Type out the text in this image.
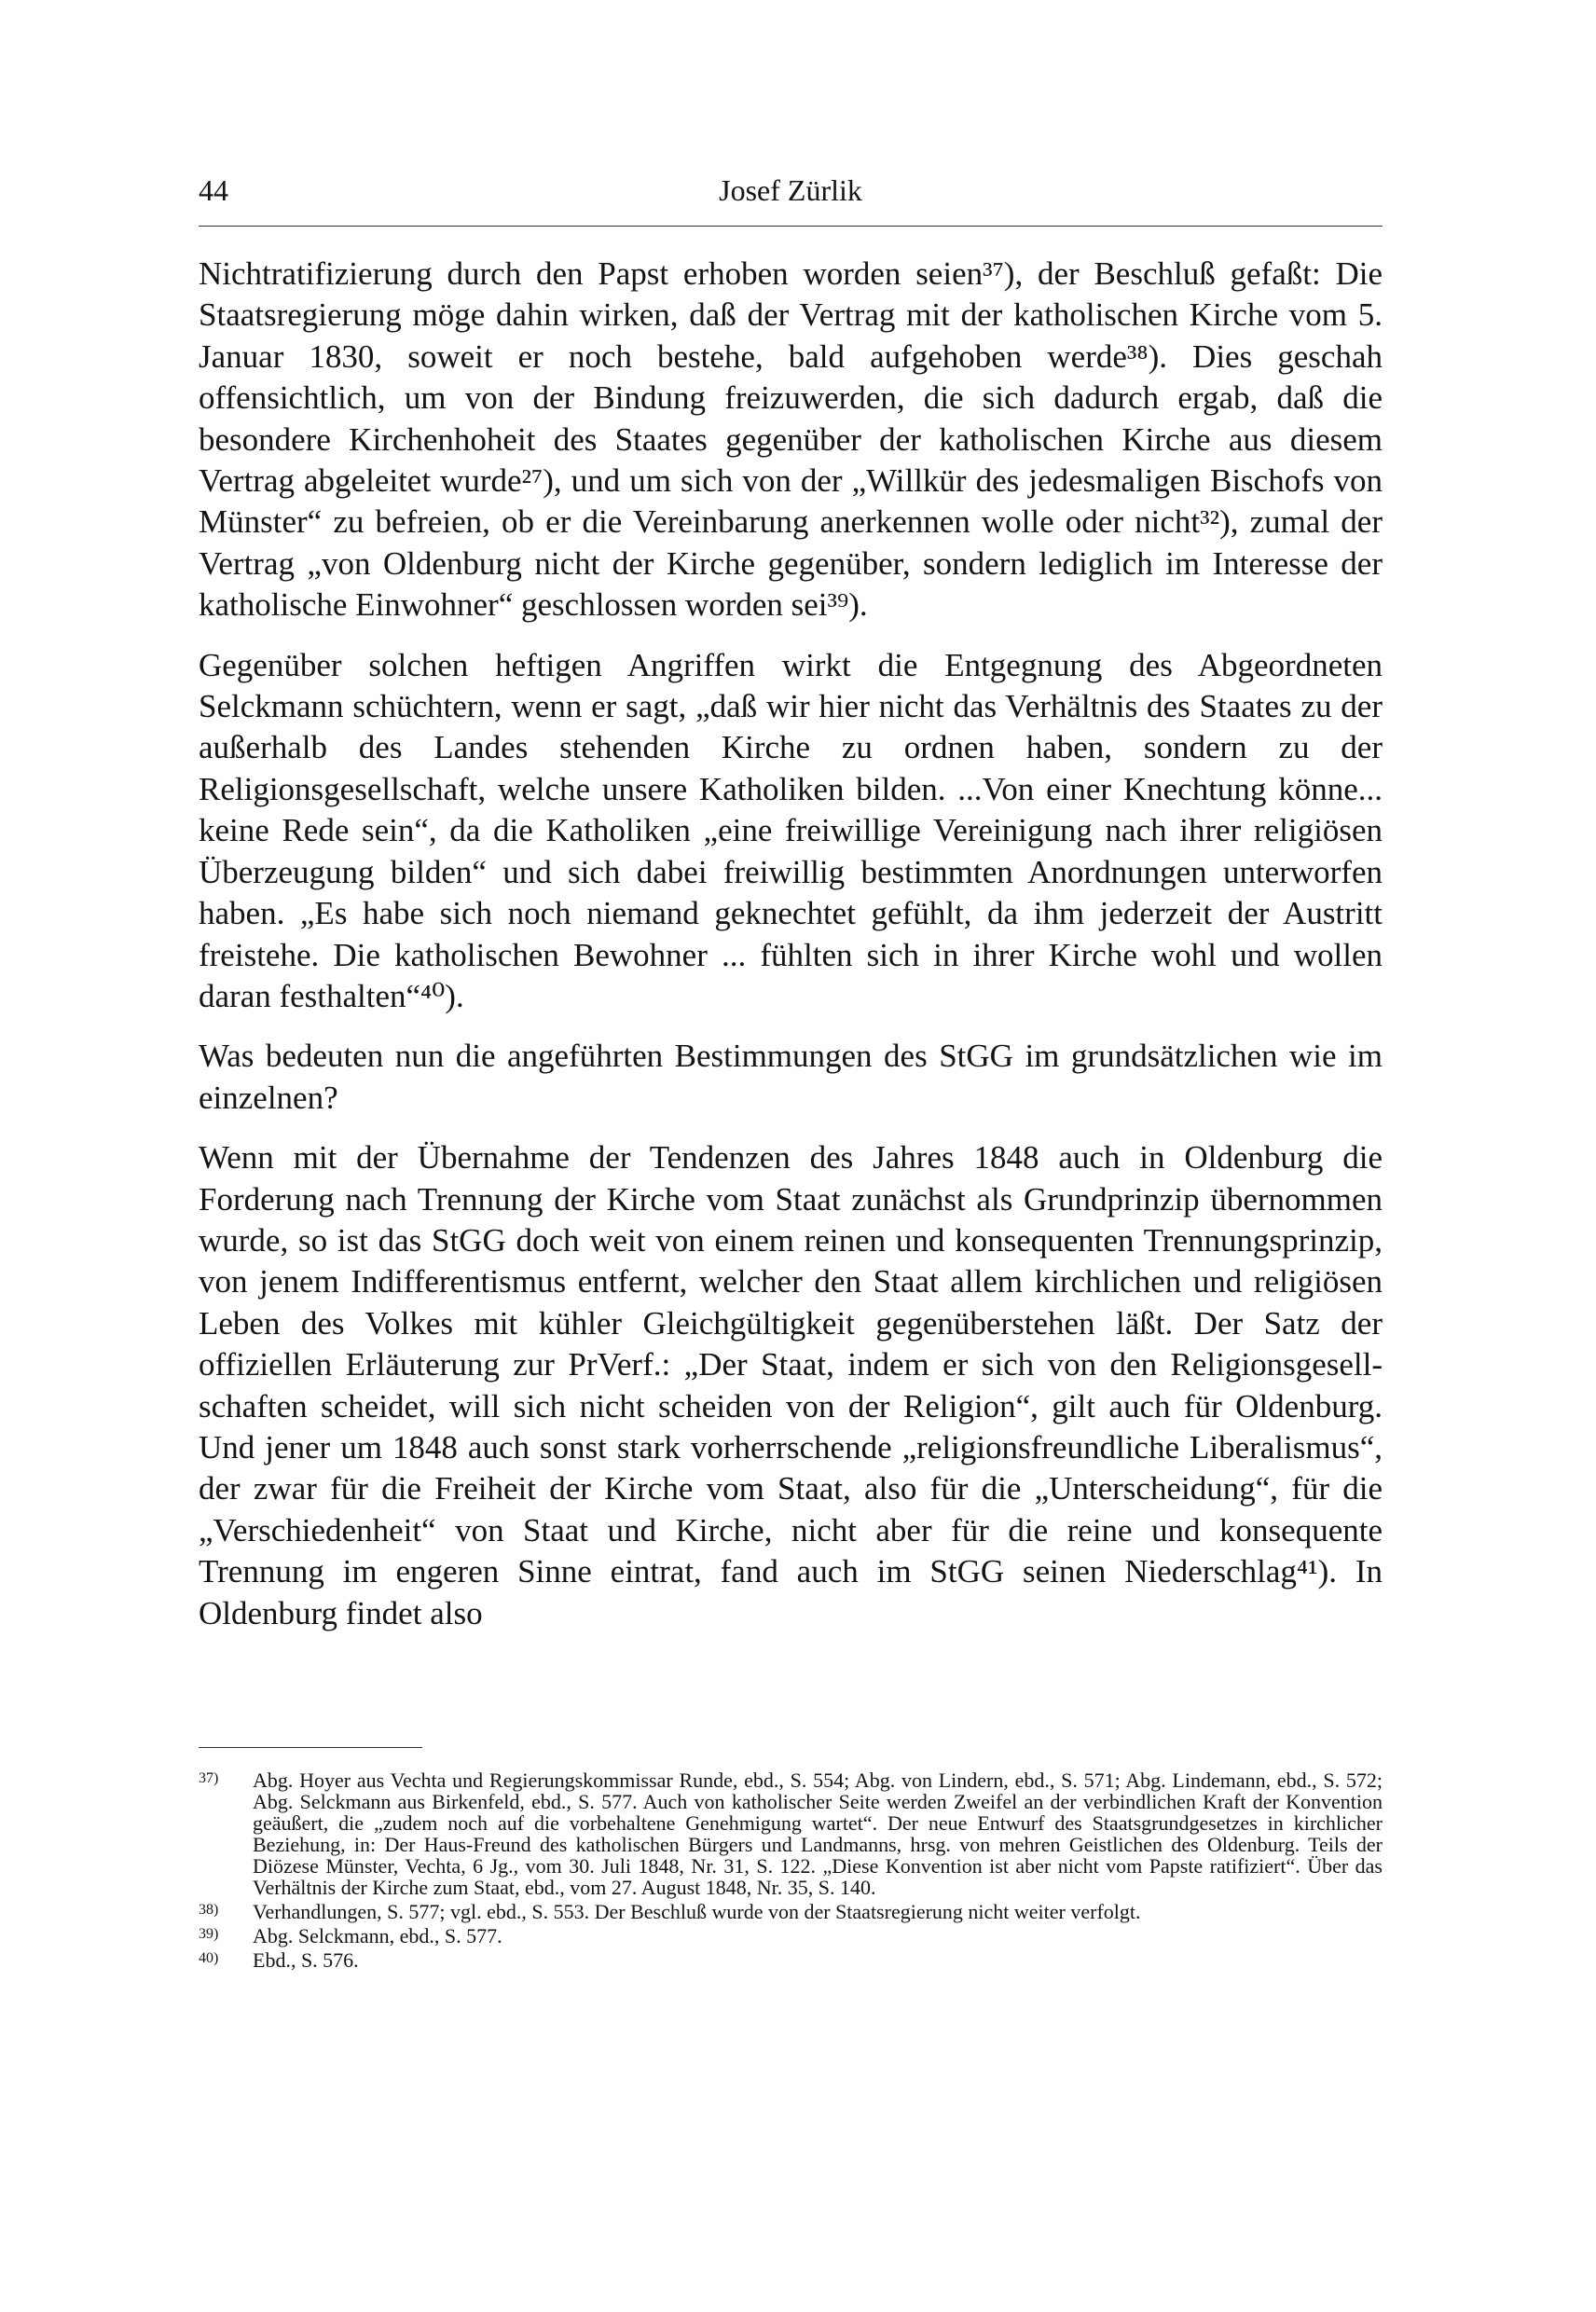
44	Josef Zürlik

Nichtratifizierung durch den Papst erhoben worden seien³⁷), der Beschluß gefaßt: Die Staatsregierung möge dahin wirken, daß der Vertrag mit der katholischen Kirche vom 5. Januar 1830, soweit er noch bestehe, bald aufgehoben werde³⁸). Dies geschah offensichtlich, um von der Bindung freizuwerden, die sich dadurch ergab, daß die besondere Kirchenhoheit des Staates gegenüber der katholischen Kirche aus diesem Vertrag abgeleitet wurde²⁷), und um sich von der „Willkür des jedesmaligen Bischofs von Münster“ zu befreien, ob er die Vereinbarung anerkennen wolle oder nicht³²), zumal der Vertrag „von Oldenburg nicht der Kirche gegenüber, sondern lediglich im Interesse der katholische Einwohner“ geschlossen worden sei³⁹).

Gegenüber solchen heftigen Angriffen wirkt die Entgegnung des Abgeordneten Selckmann schüchtern, wenn er sagt, „daß wir hier nicht das Verhältnis des Staates zu der außerhalb des Landes stehenden Kirche zu ordnen haben, sondern zu der Religionsgesellschaft, welche unsere Katholiken bilden. ...Von einer Knechtung könne... keine Rede sein“, da die Katholiken „eine freiwillige Vereinigung nach ihrer religiösen Überzeugung bilden“ und sich dabei freiwillig bestimmten Anordnungen unterworfen haben. „Es habe sich noch niemand geknechtet gefühlt, da ihm jederzeit der Austritt freistehe. Die katholischen Bewohner ... fühlten sich in ihrer Kirche wohl und wollen daran festhalten“⁴⁰).

Was bedeuten nun die angeführten Bestimmungen des StGG im grundsätzlichen wie im einzelnen?

Wenn mit der Übernahme der Tendenzen des Jahres 1848 auch in Oldenburg die Forderung nach Trennung der Kirche vom Staat zunächst als Grundprinzip übernommen wurde, so ist das StGG doch weit von einem reinen und konsequenten Trennungsprinzip, von jenem Indifferentismus entfernt, welcher den Staat allem kirchlichen und religiösen Leben des Volkes mit kühler Gleichgültigkeit gegenüberstehen läßt. Der Satz der offiziellen Erläuterung zur PrVerf.: „Der Staat, indem er sich von den Religionsgesellschaften scheidet, will sich nicht scheiden von der Religion“, gilt auch für Oldenburg. Und jener um 1848 auch sonst stark vorherrschende „religionsfreundliche Liberalismus“, der zwar für die Freiheit der Kirche vom Staat, also für die „Unterscheidung“, für die „Verschiedenheit“ von Staat und Kirche, nicht aber für die reine und konsequente Trennung im engeren Sinne eintrat, fand auch im StGG seinen Niederschlag⁴¹). In Oldenburg findet also

37)	Abg. Hoyer aus Vechta und Regierungskommissar Runde, ebd., S. 554; Abg. von Lindern, ebd., S. 571; Abg. Lindemann, ebd., S. 572; Abg. Selckmann aus Birkenfeld, ebd., S. 577. Auch von katholischer Seite werden Zweifel an der verbindlichen Kraft der Konvention geäußert, die „zudem noch auf die vorbehaltene Genehmigung wartet“. Der neue Entwurf des Staatsgrundgesetzes in kirchlicher Beziehung, in: Der Haus-Freund des katholischen Bürgers und Landmanns, hrsg. von mehren Geistlichen des Oldenburg. Teils der Diözese Münster, Vechta, 6 Jg., vom 30. Juli 1848, Nr. 31, S. 122. „Diese Konvention ist aber nicht vom Papste ratifiziert“. Über das Verhältnis der Kirche zum Staat, ebd., vom 27. August 1848, Nr. 35, S. 140.
38)	Verhandlungen, S. 577; vgl. ebd., S. 553. Der Beschluß wurde von der Staatsregierung nicht weiter verfolgt.
39)	Abg. Selckmann, ebd., S. 577.
40)	Ebd., S. 576.
